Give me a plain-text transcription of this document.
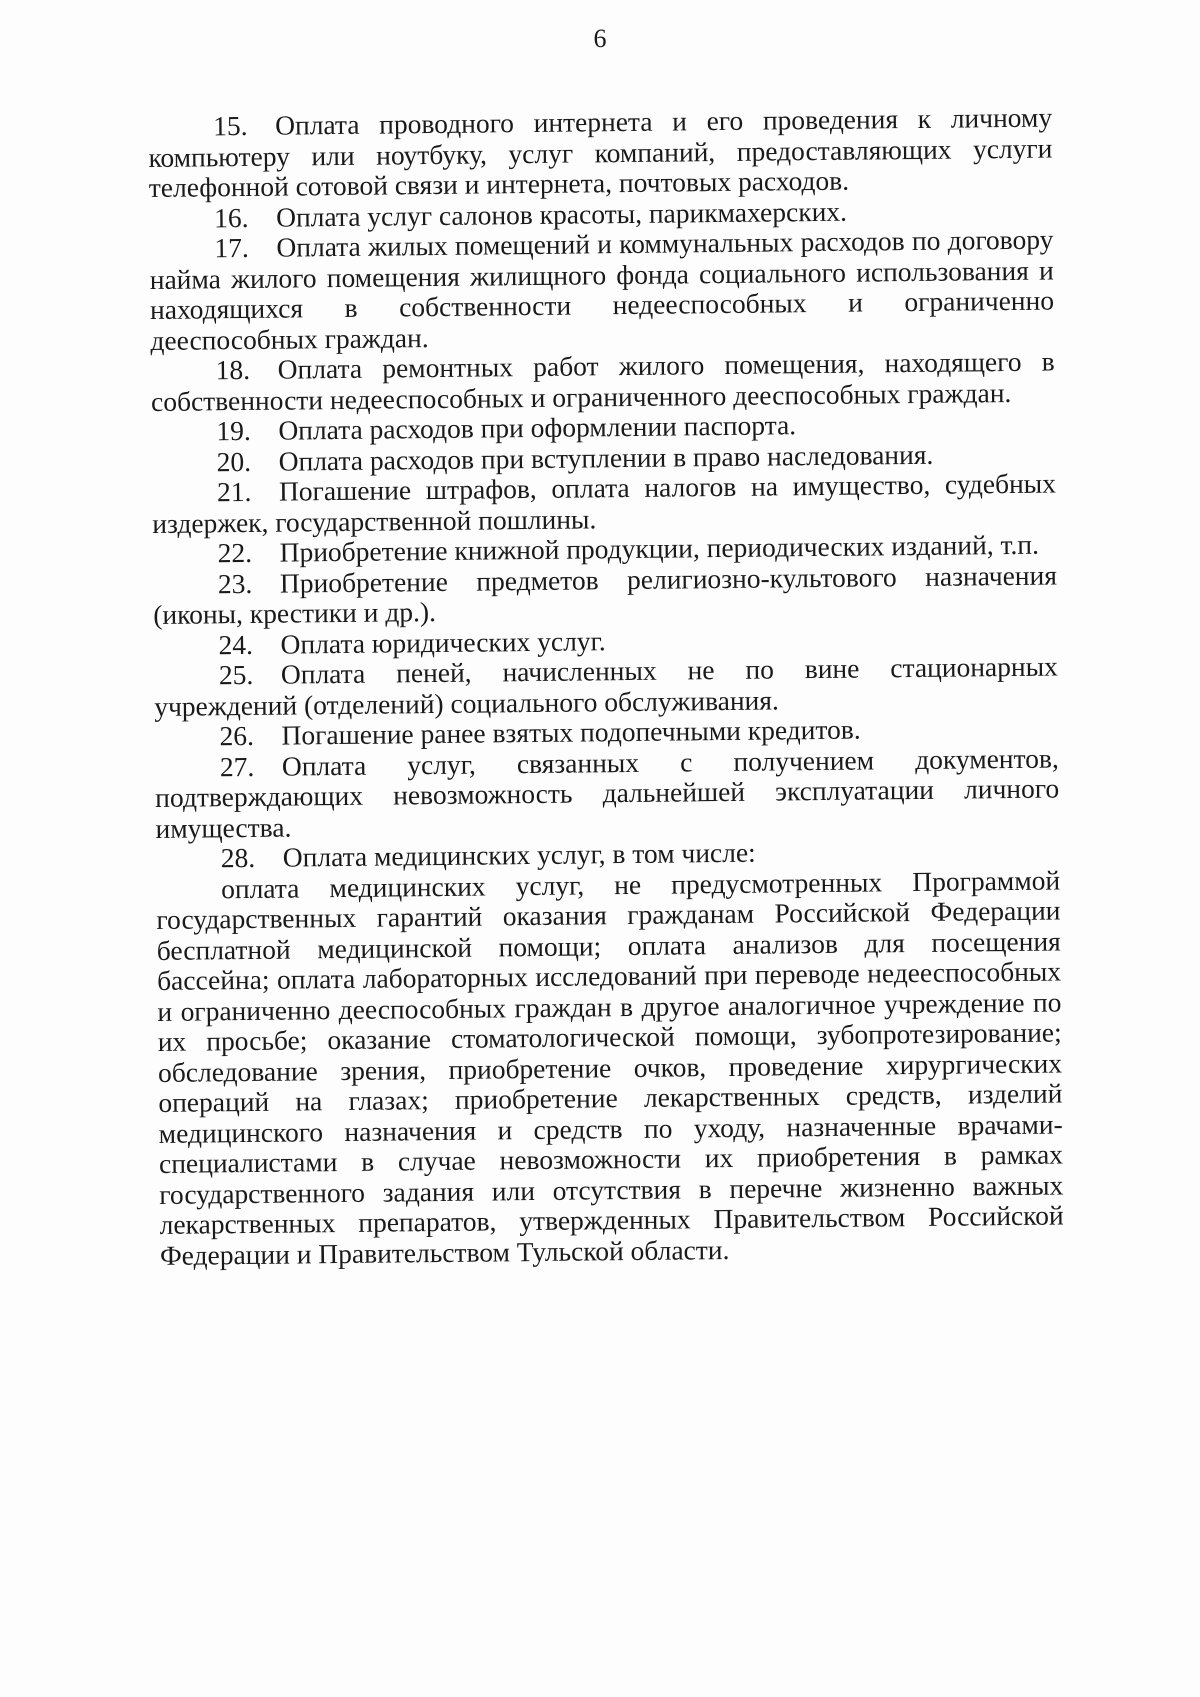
6

15. Оплата проводного интернета и его проведения к личному компьютеру или ноутбуку, услуг компаний, предоставляющих услуги телефонной сотовой связи и интернета, почтовых расходов.

16. Оплата услуг салонов красоты, парикмахерских.

17. Оплата жилых помещений и коммунальных расходов по договору найма жилого помещения жилищного фонда социального использования и находящихся в собственности недееспособных и ограниченно дееспособных граждан.

18. Оплата ремонтных работ жилого помещения, находящего в собственности недееспособных и ограниченного дееспособных граждан.

19. Оплата расходов при оформлении паспорта.

20. Оплата расходов при вступлении в право наследования.

21. Погашение штрафов, оплата налогов на имущество, судебных издержек, государственной пошлины.

22. Приобретение книжной продукции, периодических изданий, т.п.

23. Приобретение предметов религиозно-культового назначения (иконы, крестики и др.).

24. Оплата юридических услуг.

25. Оплата пеней, начисленных не по вине стационарных учреждений (отделений) социального обслуживания.

26. Погашение ранее взятых подопечными кредитов.

27. Оплата услуг, связанных с получением документов, подтверждающих невозможность дальнейшей эксплуатации личного имущества.

28. Оплата медицинских услуг, в том числе:

оплата медицинских услуг, не предусмотренных Программой государственных гарантий оказания гражданам Российской Федерации бесплатной медицинской помощи; оплата анализов для посещения бассейна; оплата лабораторных исследований при переводе недееспособных и ограниченно дееспособных граждан в другое аналогичное учреждение по их просьбе; оказание стоматологической помощи, зубопротезирование; обследование зрения, приобретение очков, проведение хирургических операций на глазах; приобретение лекарственных средств, изделий медицинского назначения и средств по уходу, назначенные врачами-специалистами в случае невозможности их приобретения в рамках государственного задания или отсутствия в перечне жизненно важных лекарственных препаратов, утвержденных Правительством Российской Федерации и Правительством Тульской области.
